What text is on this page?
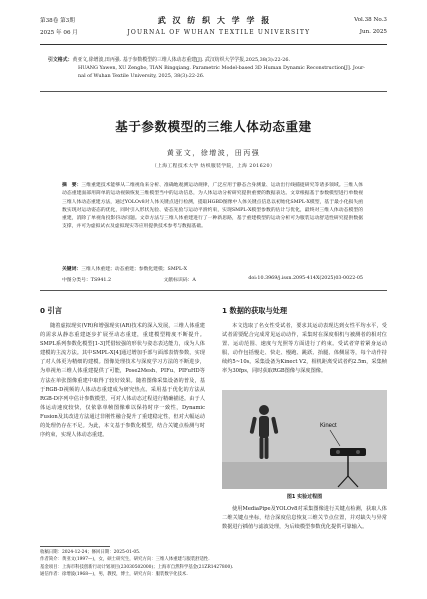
第38卷 第3期	武 汉 纺 织 大 学 学 报	Vol.38 No.3
2025 年 06 月	JOURNAL OF WUHAN TEXTILE UNIVERSITY	Jun. 2025
引文格式：黄亚文,徐增波,田丙强. 基于参数模型的三维人体动态重建[J]. 武汉纺织大学学报,2025,38(3):22-26.
HUANG Yawen, XU Zengbo, TIAN Bingqiang. Parametric Model-based 3D Human Dynamic Reconstruction[J]. Jour-
nal of Wuhan Textile University, 2025, 38(3):22-26.
基于参数模型的三维人体动态重建
黄亚文，徐增波，田丙强
（上海工程技术大学 纺织服装学院，上海 201620）
摘　要：三维重建技术能够从二维视角来分析、准确地观测运动规律，广泛应用于静态合身测量、运动出行线捕捉研究等诸多领域。三维人体动态重建面部用简单的运动视频恢复三维模型当中的运动信息，为人体运动分析研究提供重要的数据表达。文章根据基于参数模型进行单数视三维人体动态重建方法，通过YOLOv8对人体关键点进行检测，提取HGBD图像中人体关键点信息以初始化SMPL-X模型，基于最小化损失函数实现对运动姿态的优化，同时引入形状先验、姿态先验与运动平滑约束，实现SMPL-X模型参数的估计与优化，最终对三维人体动态模型的重建，消除了单视角投影抖动问题。文章方法与三维人体重建进行了一种新思路，基于重建模型的运动分析可为服装运动舒适性研究提供数据支撑，并可为虚拟试衣及虚拟现实等应用提供技术参考与数据基础。
关键词：三维人体重建；动态重建；参数化建模；SMPL-X
中图分类号：TS941.2	文献标识码：A	doi:10.3969/j.issn.2095-414X(2025)03-0022-05
0 引言

随着虚拟现实(VR)和增强现实(AR)技术的深入发展，三维人体重建的需求从静态重建逐步扩展至动态重建，重建模型精度不断提升。SMPL系列参数化模型[1-3]凭借较强的形状与姿态表达能力，成为人体建模的主流方法。其中SMPL-X[4]通过增加手部与面部表情参数，实现了对人体更为精细的建模。图像处理技术与深度学习方法的不断进步，为单视角三维人体重建提供了可能，Pose2Mesh、PIFu、PIFuHD等方法在单张图像重建中取得了较好效果。随着图像采集设备的普及，基于RGB-D视频的人体动态重建成为研究热点。采用基于优化的方法从RGB-D序列中估计参数模型，可对人体动态过程进行精确描述。由于人体运动速度较快，仅依靠单帧图像难以保持时序一致性，Dynamic Fusion及其改进方法通过非刚性融合提升了重建稳定性，但对大幅运动的处理仍存在不足。为此，本文基于参数化模型，结合关键点检测与时序约束，实现人体动态重建。

1 数据的获取与处理

本文选取了名女性受试者，要求其运动表现达到女性平均水平，受试者需要配合完成常见运动动作，采集时在深度相机与被测者的相对位置、运动范围、速度与光照等方面进行了约束。受试者穿着紧身运动服，动作包括慢走、快走、慢跑、跳跃、抬腿、体侧屈等，每个动作持续约5~10s。采集设备为Kinect V2，相机距离受试者约2.5m，采集帧率为30fps，同时获取RGB图像与深度图像。

Kinect
图1 实验过程图

使用MediaPipe及YOLOv8对采集图像进行关键点检测，获取人体二维关键点坐标，结合深度信息恢复三维关节点位置，并对缺失与异常数据进行插值与滤波处理，为后续模型参数优化提供可靠输入。

收稿日期：2024-12-24；修回日期：2025-01-05.
作者简介：黄亚文(1997—)，女，硕士研究生，研究方向：三维人体重建与服装舒适性.
基金项目：上海市科技创新行动计划项目(23030502000)；上海市自然科学基金(21ZR1427800).
通信作者：徐增波(1968—)，男，教授，博士，研究方向：服装数字化技术.
